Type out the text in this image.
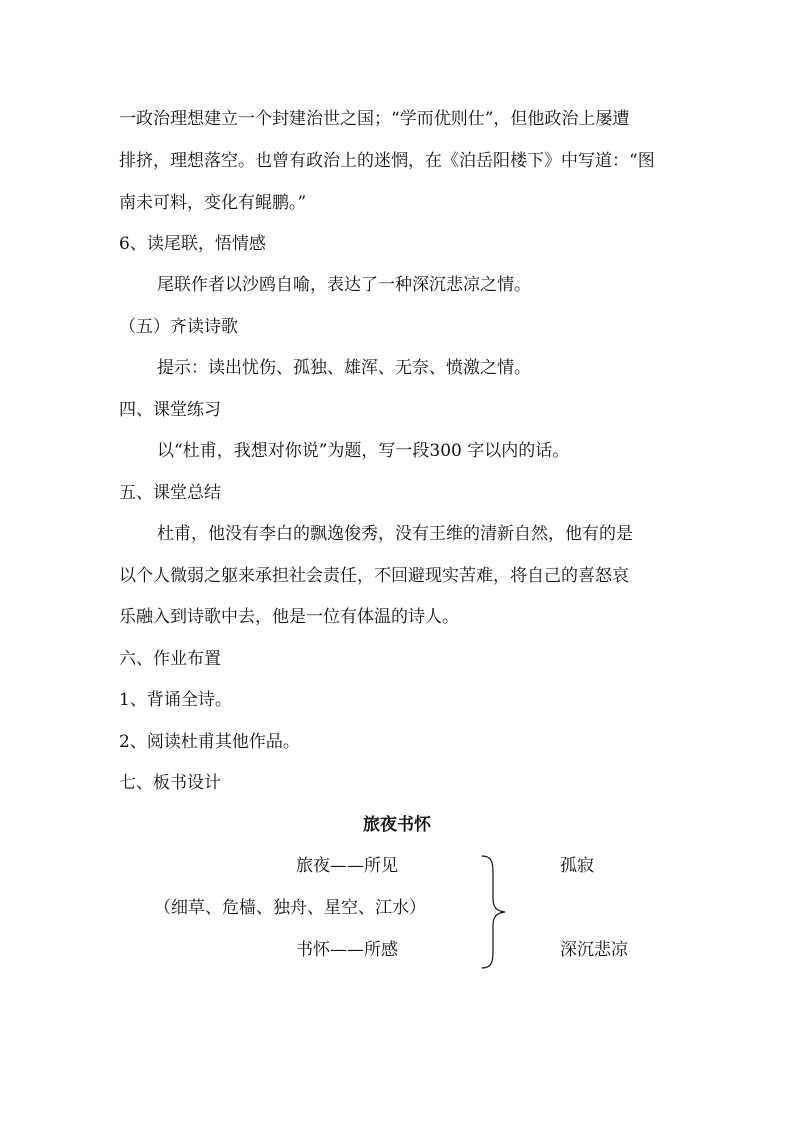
一政治理想建立一个封建治世之国；“学而优则仕”，但他政治上屡遭
排挤，理想落空。也曾有政治上的迷惘，在《泊岳阳楼下》中写道：“图
南未可料，变化有鲲鹏。”
6、读尾联，悟情感
尾联作者以沙鸥自喻，表达了一种深沉悲凉之情。
（五）齐读诗歌
提示：读出忧伤、孤独、雄浑、无奈、愤激之情。
四、课堂练习
以“杜甫，我想对你说”为题，写一段300 字以内的话。
五、课堂总结
杜甫，他没有李白的飘逸俊秀，没有王维的清新自然，他有的是
以个人微弱之躯来承担社会责任，不回避现实苦难，将自己的喜怒哀
乐融入到诗歌中去，他是一位有体温的诗人。
六、作业布置
1、背诵全诗。
2、阅读杜甫其他作品。
七、板书设计
旅夜书怀
旅夜——所见
（细草、危樯、独舟、星空、江水）
书怀——所感
孤寂
深沉悲凉
